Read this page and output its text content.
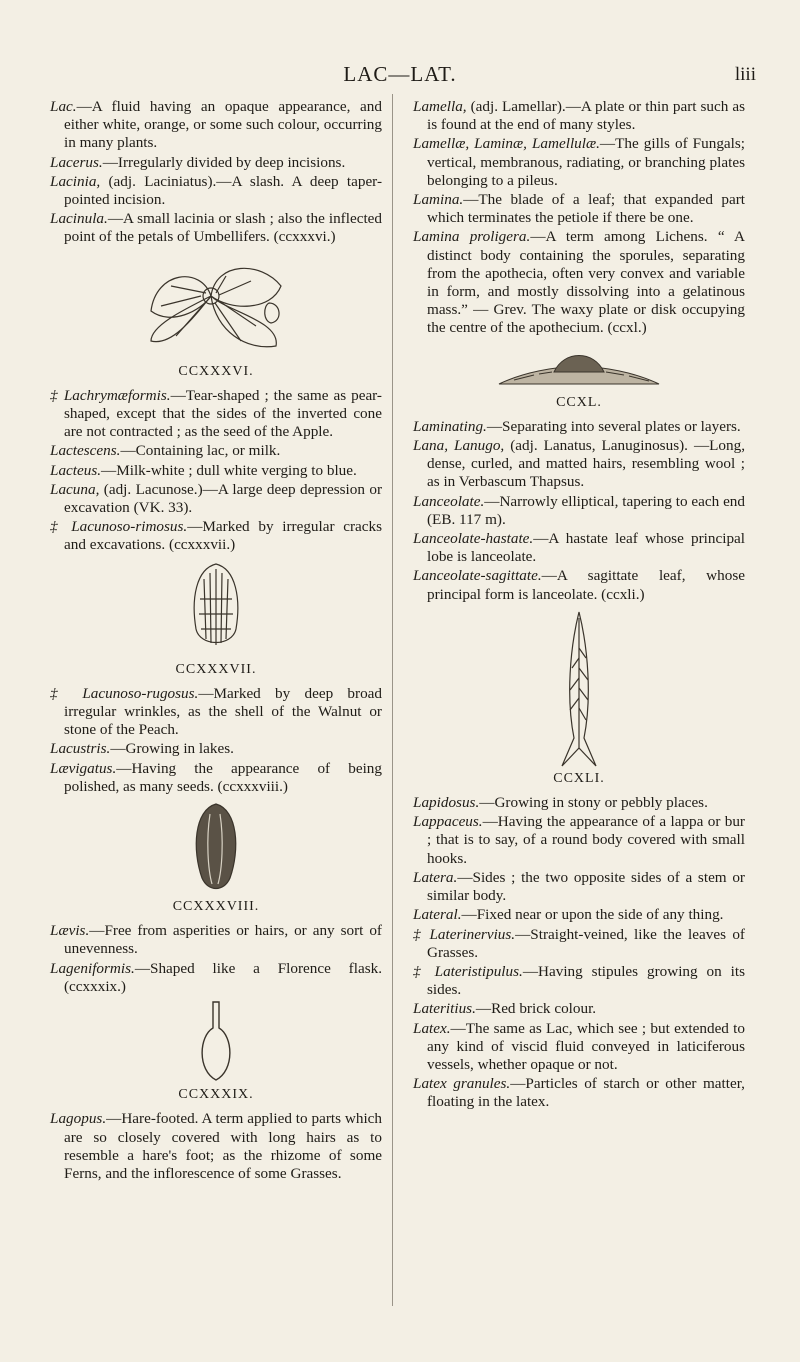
LAC—LAT.	liii

Lac.—A fluid having an opaque appearance, and either white, orange, or some such colour, occurring in many plants.

Lacerus.—Irregularly divided by deep incisions.

Lacinia, (adj. Laciniatus).—A slash. A deep taper-pointed incision.

Lacinula.—A small lacinia or slash ; also the inflected point of the petals of Umbellifers. (ccxxxvi.)

CCXXXVI.

‡ Lachrymæformis.—Tear-shaped ; the same as pear-shaped, except that the sides of the inverted cone are not contracted ; as the seed of the Apple.

Lactescens.—Containing lac, or milk.

Lacteus.—Milk-white ; dull white verging to blue.

Lacuna, (adj. Lacunose.)—A large deep depression or excavation (VK. 33).

‡ Lacunoso-rimosus.—Marked by irregular cracks and excavations. (ccxxxvii.)

CCXXXVII.

‡ Lacunoso-rugosus.—Marked by deep broad irregular wrinkles, as the shell of the Walnut or stone of the Peach.

Lacustris.—Growing in lakes.

Lævigatus.—Having the appearance of being polished, as many seeds. (ccxxxviii.)

CCXXXVIII.

Lævis.—Free from asperities or hairs, or any sort of unevenness.

Lageniformis.—Shaped like a Florence flask. (ccxxxix.)

CCXXXIX.

Lagopus.—Hare-footed. A term applied to parts which are so closely covered with long hairs as to resemble a hare's foot; as the rhizome of some Ferns, and the inflorescence of some Grasses.

Lamella, (adj. Lamellar).—A plate or thin part such as is found at the end of many styles.

Lamellæ, Laminæ, Lamellulæ.—The gills of Fungals; vertical, membranous, radiating, or branching plates belonging to a pileus.

Lamina.—The blade of a leaf; that expanded part which terminates the petiole if there be one.

Lamina proligera.—A term among Lichens. “ A distinct body containing the sporules, separating from the apothecia, often very convex and variable in form, and mostly dissolving into a gelatinous mass.” — Grev. The waxy plate or disk occupying the centre of the apothecium. (ccxl.)

CCXL.

Laminating.—Separating into several plates or layers.

Lana, Lanugo, (adj. Lanatus, Lanuginosus). —Long, dense, curled, and matted hairs, resembling wool ; as in Verbascum Thapsus.

Lanceolate.—Narrowly elliptical, tapering to each end (EB. 117 m).

Lanceolate-hastate.—A hastate leaf whose principal lobe is lanceolate.

Lanceolate-sagittate.—A sagittate leaf, whose principal form is lanceolate. (ccxli.)

CCXLI.

Lapidosus.—Growing in stony or pebbly places.

Lappaceus.—Having the appearance of a lappa or bur ; that is to say, of a round body covered with small hooks.

Latera.—Sides ; the two opposite sides of a stem or similar body.

Lateral.—Fixed near or upon the side of any thing.

‡ Laterinervius.—Straight-veined, like the leaves of Grasses.

‡ Lateristipulus.—Having stipules growing on its sides.

Lateritius.—Red brick colour.

Latex.—The same as Lac, which see ; but extended to any kind of viscid fluid conveyed in laticiferous vessels, whether opaque or not.

Latex granules.—Particles of starch or other matter, floating in the latex.
